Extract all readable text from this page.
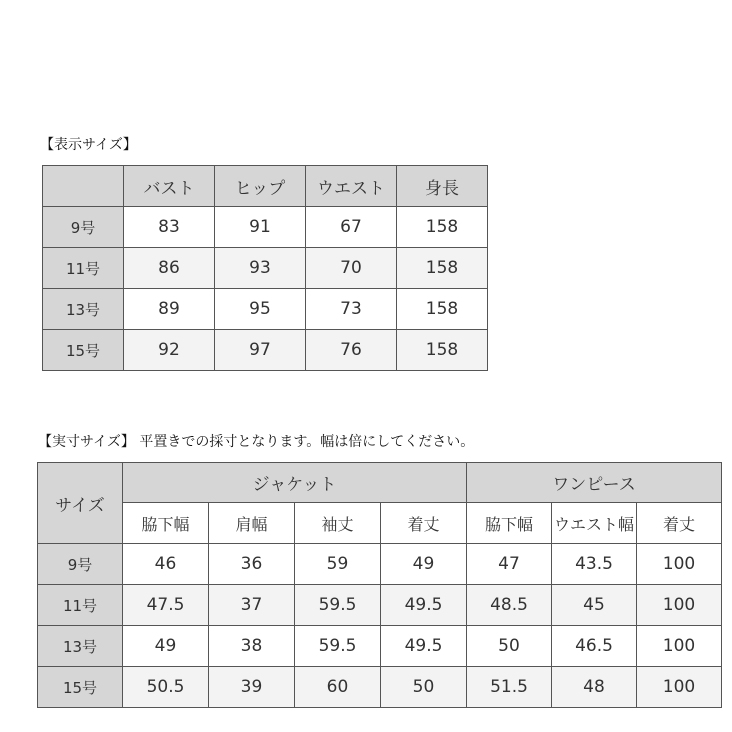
【表示サイズ】
	バスト	ヒップ	ウエスト	身長
9号	83	91	67	158
11号	86	93	70	158
13号	89	95	73	158
15号	92	97	76	158
【実寸サイズ】 平置きでの採寸となります。幅は倍にしてください。
サイズ	ジャケット				ワンピース		
	脇下幅	肩幅	袖丈	着丈	脇下幅	ウエスト幅	着丈
9号	46	36	59	49	47	43.5	100
11号	47.5	37	59.5	49.5	48.5	45	100
13号	49	38	59.5	49.5	50	46.5	100
15号	50.5	39	60	50	51.5	48	100
